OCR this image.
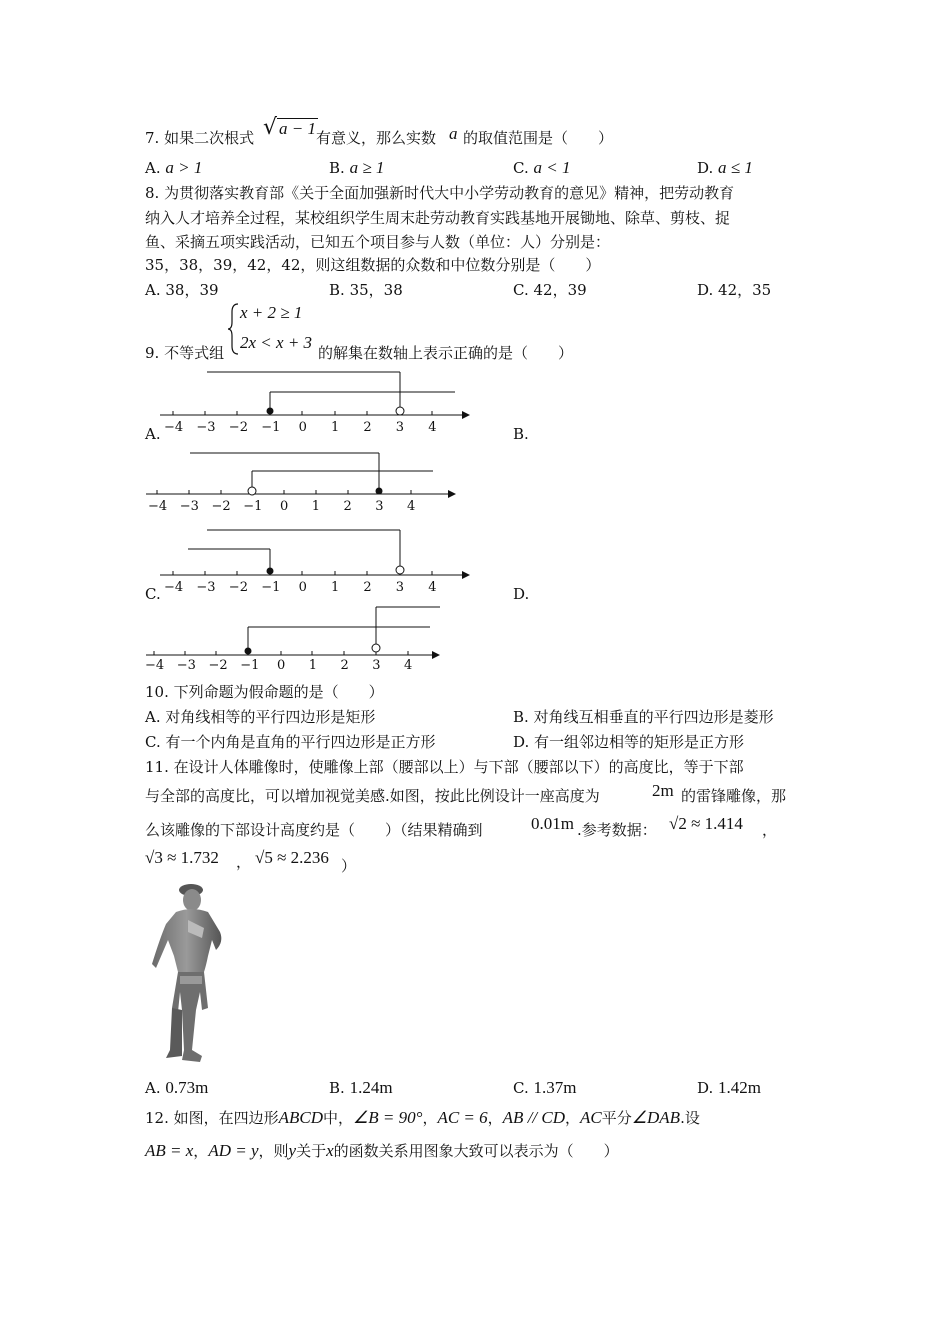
7. 如果二次根式 √ a − 1 有意义，那么实数 a 的取值范围是（　　）
A. a > 1	B. a ≥ 1	C. a < 1	D. a ≤ 1
8. 为贯彻落实教育部《关于全面加强新时代大中小学劳动教育的意见》精神，把劳动教育
纳入人才培养全过程，某校组织学生周末赴劳动教育实践基地开展锄地、除草、剪枝、捉
鱼、采摘五项实践活动，已知五个项目参与人数（单位：人）分别是：
35，38，39，42，42，则这组数据的众数和中位数分别是（　　）
A. 38，39	B. 35，38	C. 42，39	D. 42，35
9. 不等式组
x + 2 ≥ 1
2x < x + 3
的解集在数轴上表示正确的是（　　）
A.	B.
C.	D.
−4 −3 −2 −1 0 1 2 3 4
−4 −3 −2 −1 0 1 2 3 4
−4 −3 −2 −1 0 1 2 3 4
−4 −3 −2 −1 0 1 2 3 4
10. 下列命题为假命题的是（　　）
A. 对角线相等的平行四边形是矩形	B. 对角线互相垂直的平行四边形是菱形
C. 有一个内角是直角的平行四边形是正方形	D. 有一组邻边相等的矩形是正方形
11. 在设计人体雕像时，使雕像上部（腰部以上）与下部（腰部以下）的高度比，等于下部
与全部的高度比，可以增加视觉美感.如图，按此比例设计一座高度为	2m 的雷锋雕像，那
么该雕像的下部设计高度约是（　　）（结果精确到	0.01m .参考数据： √2 ≈ 1.414 ，
√3 ≈ 1.732 ， √5 ≈ 2.236 ）
A. 0.73m	B. 1.24m	C. 1.37m	D. 1.42m
12. 如图，在四边形ABCD中，∠B = 90°，AC = 6，AB // CD，AC平分∠DAB.设
AB = x，AD = y，则y关于x的函数关系用图象大致可以表示为（　　）
